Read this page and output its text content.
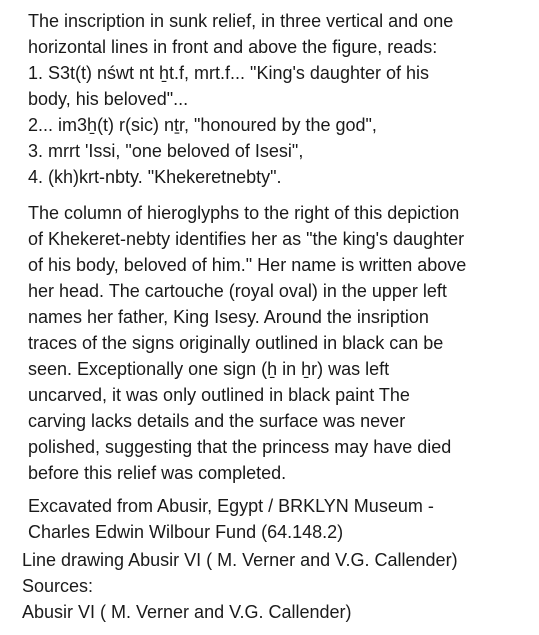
The inscription in sunk relief, in three vertical and one
horizontal lines in front and above the figure, reads:
1. S3t(t) nśwt nt ẖt.f, mrt.f... "King's daughter of his
body, his beloved"...
2... im3ẖ(t) r(sic) nṯr, "honoured by the god",
3. mrrt 'Issi, "one beloved of Isesi",
4. (kh)krt-nbty. "Khekeretnebty".
The column of hieroglyphs to the right of this depiction
of Khekeret-nebty identifies her as "the king's daughter
of his body, beloved of him." Her name is written above
her head. The cartouche (royal oval) in the upper left
names her father, King Isesy. Around the insription
traces of the signs originally outlined in black can be
seen. Exceptionally one sign (ẖ in ẖr) was left
uncarved, it was only outlined in black paint The
carving lacks details and the surface was never
polished, suggesting that the princess may have died
before this relief was completed.
Excavated from Abusir, Egypt / BRKLYN Museum -
Charles Edwin Wilbour Fund (64.148.2)
Line drawing Abusir VI ( M. Verner and V.G. Callender)
Sources:
Abusir VI ( M. Verner and V.G. Callender)
